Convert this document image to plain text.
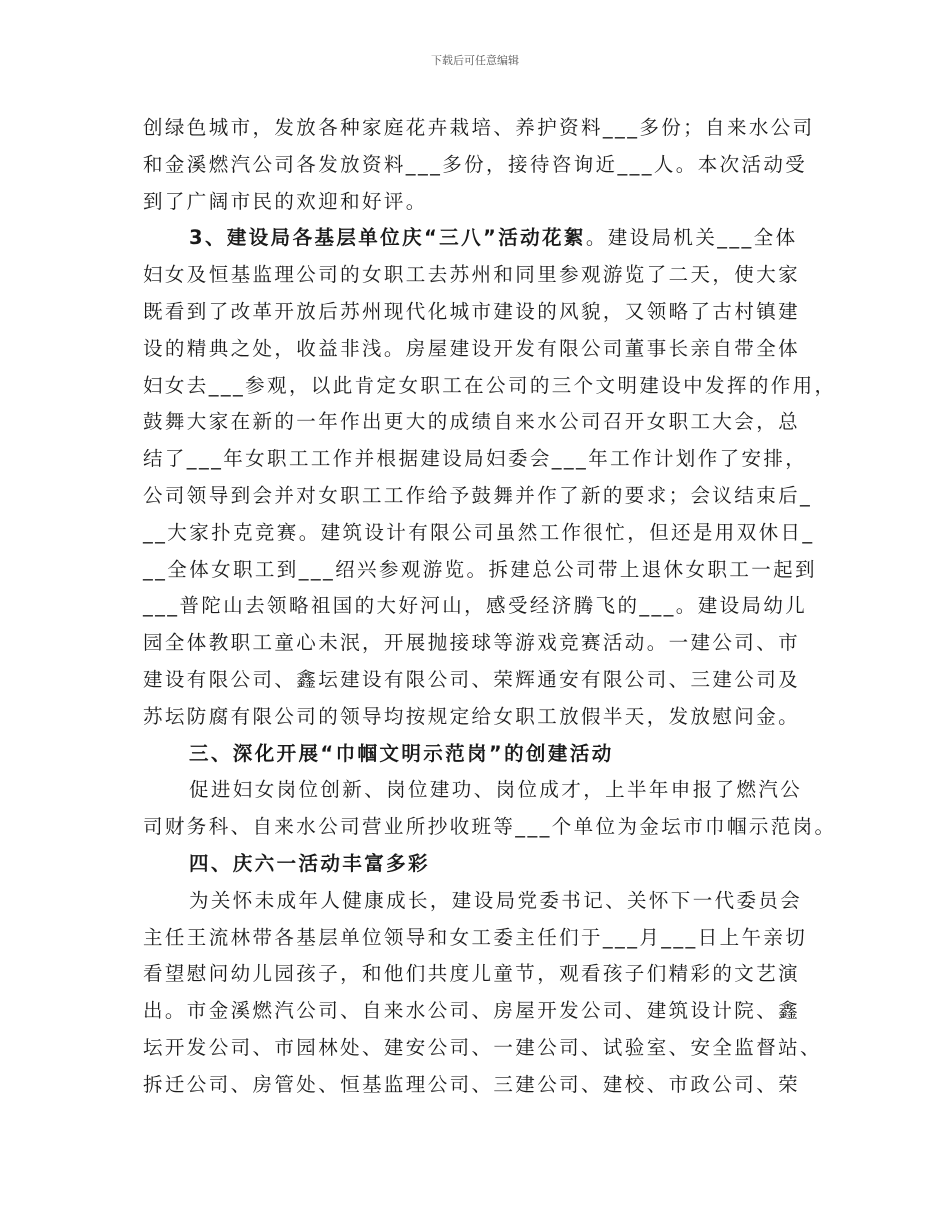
下载后可任意编辑
创绿色城市，发放各种家庭花卉栽培、养护资料___多份；自来水公司
和金溪燃汽公司各发放资料___多份，接待咨询近___人。本次活动受
到了广阔市民的欢迎和好评。
3、建设局各基层单位庆“三八”活动花絮。建设局机关___全体
妇女及恒基监理公司的女职工去苏州和同里参观游览了二天，使大家
既看到了改革开放后苏州现代化城市建设的风貌，又领略了古村镇建
设的精典之处，收益非浅。房屋建设开发有限公司董事长亲自带全体
妇女去___参观，以此肯定女职工在公司的三个文明建设中发挥的作用，
鼓舞大家在新的一年作出更大的成绩自来水公司召开女职工大会，总
结了___年女职工工作并根据建设局妇委会___年工作计划作了安排，
公司领导到会并对女职工工作给予鼓舞并作了新的要求；会议结束后_
__大家扑克竞赛。建筑设计有限公司虽然工作很忙，但还是用双休日_
__全体女职工到___绍兴参观游览。拆建总公司带上退休女职工一起到
___普陀山去领略祖国的大好河山，感受经济腾飞的___。建设局幼儿
园全体教职工童心未泯，开展抛接球等游戏竞赛活动。一建公司、市
建设有限公司、鑫坛建设有限公司、荣辉通安有限公司、三建公司及
苏坛防腐有限公司的领导均按规定给女职工放假半天，发放慰问金。
三、深化开展“巾帼文明示范岗”的创建活动
促进妇女岗位创新、岗位建功、岗位成才，上半年申报了燃汽公
司财务科、自来水公司营业所抄收班等___个单位为金坛市巾帼示范岗。
四、庆六一活动丰富多彩
为关怀未成年人健康成长，建设局党委书记、关怀下一代委员会
主任王流林带各基层单位领导和女工委主任们于___月___日上午亲切
看望慰问幼儿园孩子，和他们共度儿童节，观看孩子们精彩的文艺演
出。市金溪燃汽公司、自来水公司、房屋开发公司、建筑设计院、鑫
坛开发公司、市园林处、建安公司、一建公司、试验室、安全监督站、
拆迁公司、房管处、恒基监理公司、三建公司、建校、市政公司、荣
